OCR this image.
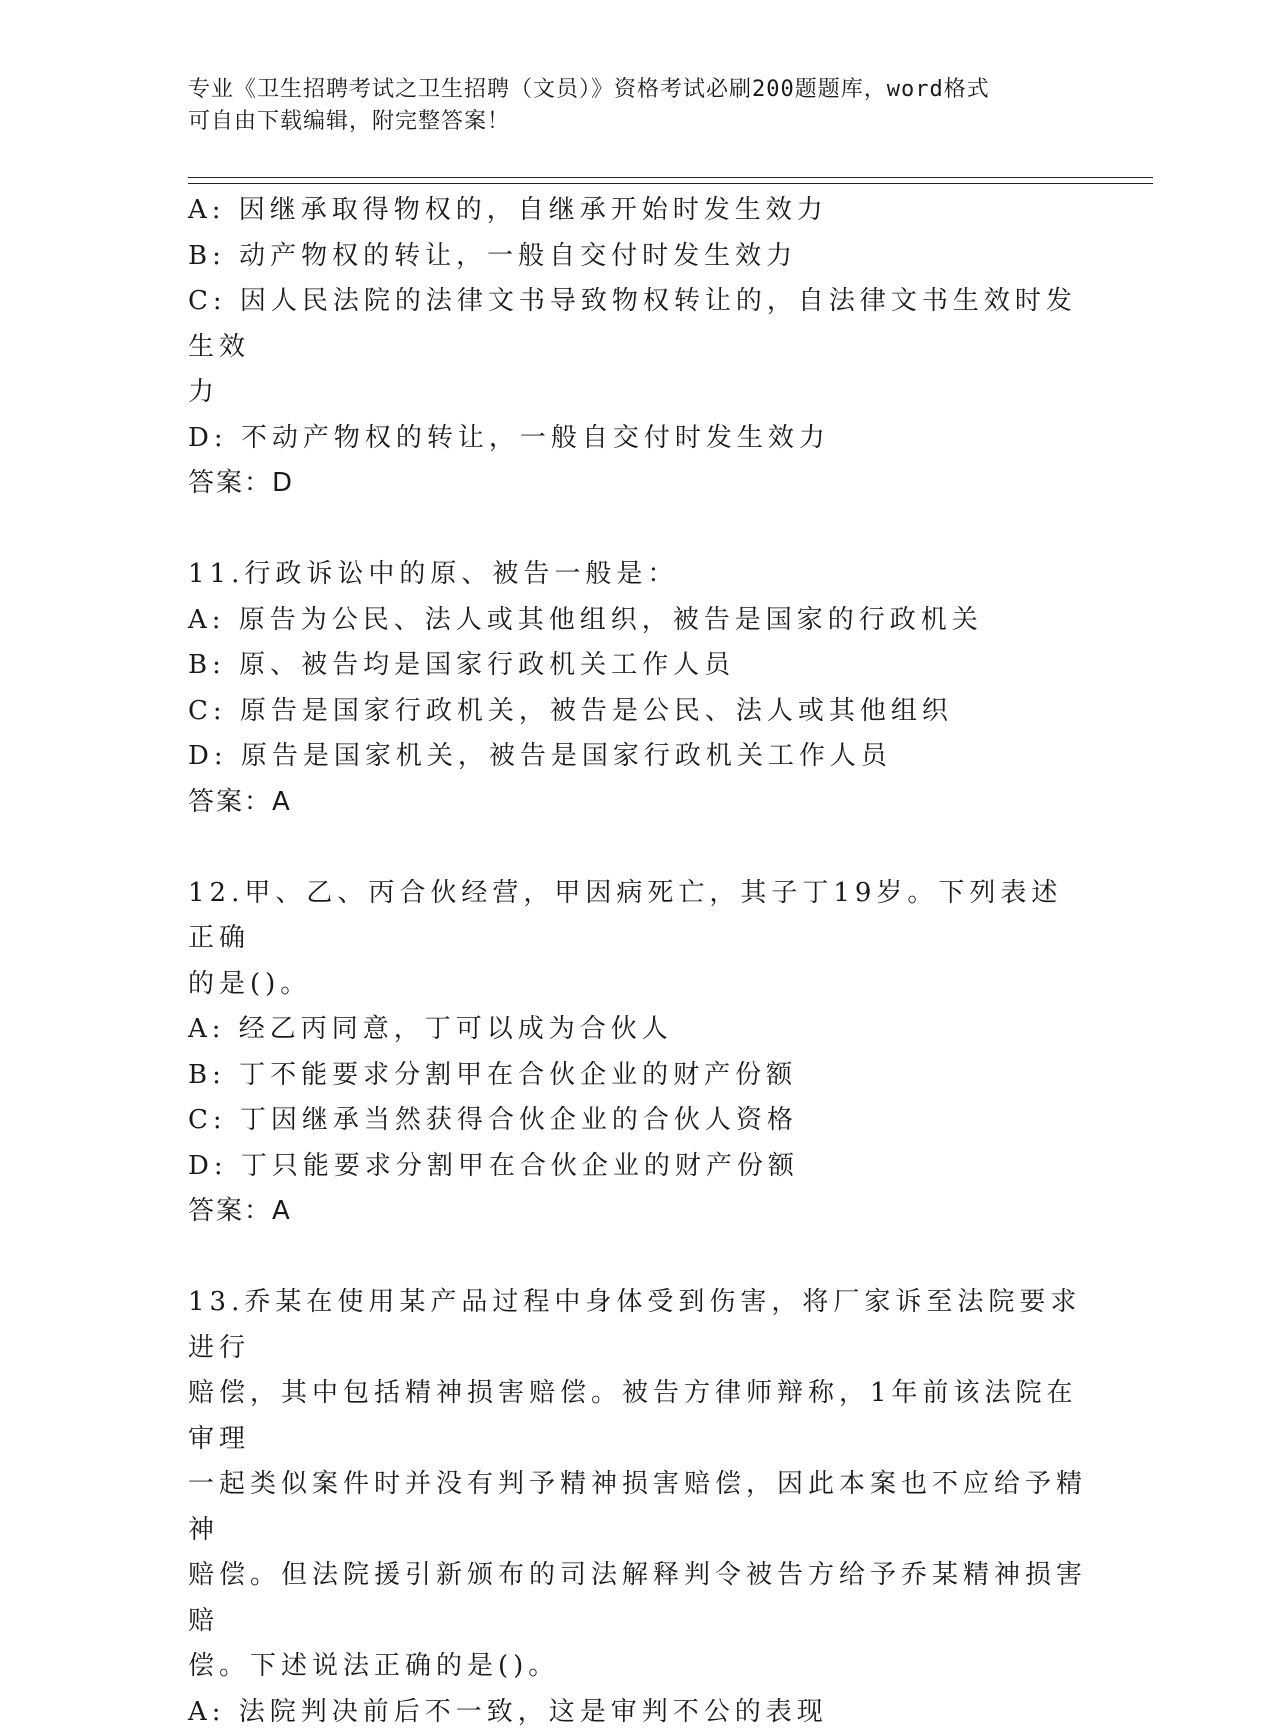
专业《卫生招聘考试之卫生招聘（文员）》资格考试必刷200题题库，word格式
可自由下载编辑，附完整答案！

A: 因继承取得物权的，自继承开始时发生效力

B: 动产物权的转让，一般自交付时发生效力

C: 因人民法院的法律文书导致物权转让的，自法律文书生效时发生效

力

D: 不动产物权的转让，一般自交付时发生效力

答案：D

11.行政诉讼中的原、被告一般是：

A: 原告为公民、法人或其他组织，被告是国家的行政机关

B: 原、被告均是国家行政机关工作人员

C: 原告是国家行政机关，被告是公民、法人或其他组织

D: 原告是国家机关，被告是国家行政机关工作人员

答案：A

12.甲、乙、丙合伙经营，甲因病死亡，其子丁19岁。下列表述正确

的是()。

A: 经乙丙同意，丁可以成为合伙人

B: 丁不能要求分割甲在合伙企业的财产份额

C: 丁因继承当然获得合伙企业的合伙人资格

D: 丁只能要求分割甲在合伙企业的财产份额

答案：A

13.乔某在使用某产品过程中身体受到伤害，将厂家诉至法院要求进行

赔偿，其中包括精神损害赔偿。被告方律师辩称，1年前该法院在审理

一起类似案件时并没有判予精神损害赔偿，因此本案也不应给予精神

赔偿。但法院援引新颁布的司法解释判令被告方给予乔某精神损害赔

偿。下述说法正确的是()。

A: 法院判决前后不一致，这是审判不公的表现
